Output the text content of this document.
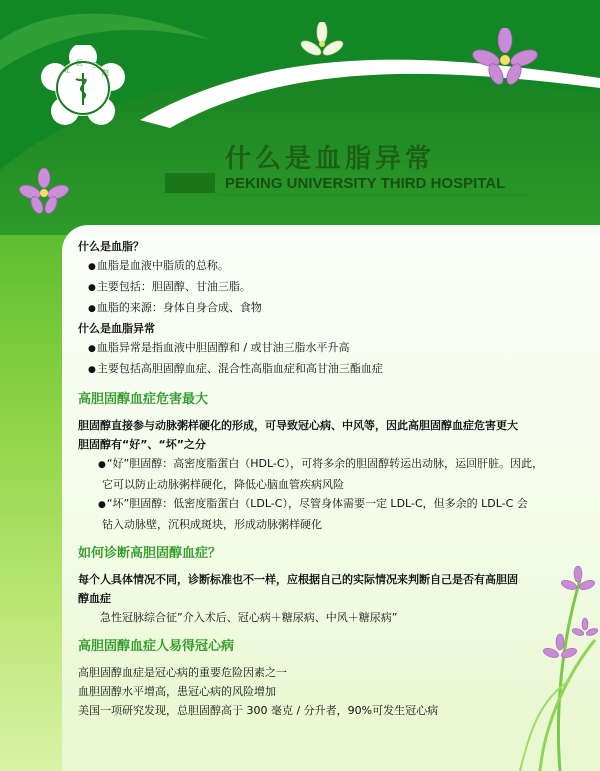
北
医 三
院
什么是血脂异常
PEKING UNIVERSITY THIRD HOSPITAL
什么是血脂？
● 血脂是血液中脂质的总称。
● 主要包括：胆固醇、甘油三脂。
● 血脂的来源：身体自身合成、食物
什么是血脂异常
● 血脂异常是指血液中胆固醇和 / 或甘油三脂水平升高
● 主要包括高胆固醇血症、混合性高脂血症和高甘油三酯血症
高胆固醇血症危害最大
胆固醇直接参与动脉粥样硬化的形成，可导致冠心病、中风等，因此高胆固醇血症危害更大
胆固醇有“好”、“坏”之分
● “好”胆固醇：高密度脂蛋白（HDL-C），可将多余的胆固醇转运出动脉，运回肝脏。因此，
它可以防止动脉粥样硬化，降低心脑血管疾病风险
● “坏”胆固醇：低密度脂蛋白（LDL-C），尽管身体需要一定 LDL-C，但多余的 LDL-C 会
钻入动脉壁，沉积成斑块，形成动脉粥样硬化
如何诊断高胆固醇血症？
每个人具体情况不同，诊断标准也不一样，应根据自己的实际情况来判断自己是否有高胆固
醇血症
急性冠脉综合征”介入术后、冠心病＋糖尿病、中风＋糖尿病”
高胆固醇血症人易得冠心病
高胆固醇血症是冠心病的重要危险因素之一
血胆固醇水平增高，患冠心病的风险增加
美国一项研究发现，总胆固醇高于 300 毫克 / 分升者，90%可发生冠心病
